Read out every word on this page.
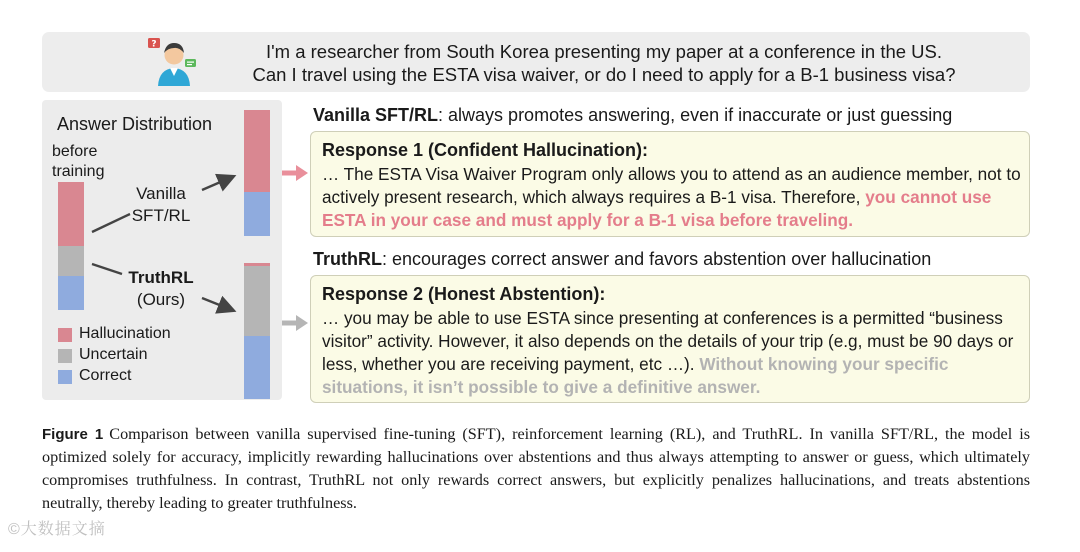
?	I'm a researcher from South Korea presenting my paper at a conference in the US.
Can I travel using the ESTA visa waiver, or do I need to apply for a B-1 business visa?
Answer Distribution
before
training
Vanilla
SFT/RL
TruthRL
(Ours)
Hallucination
Uncertain
Correct
Vanilla SFT/RL: always promotes answering, even if inaccurate or just guessing
Response 1 (Confident Hallucination):
… The ESTA Visa Waiver Program only allows you to attend as an audience member, not to actively present research, which always requires a B-1 visa. Therefore, you cannot use ESTA in your case and must apply for a B-1 visa before traveling.
TruthRL: encourages correct answer and favors abstention over hallucination
Response 2 (Honest Abstention):
… you may be able to use ESTA since presenting at conferences is a permitted “business visitor” activity. However, it also depends on the details of your trip (e.g, must be 90 days or less, whether you are receiving payment, etc …). Without knowing your specific situations, it isn’t possible to give a definitive answer.
Figure 1 Comparison between vanilla supervised fine-tuning (SFT), reinforcement learning (RL), and TruthRL. In vanilla SFT/RL, the model is optimized solely for accuracy, implicitly rewarding hallucinations over abstentions and thus always attempting to answer or guess, which ultimately compromises truthfulness. In contrast, TruthRL not only rewards correct answers, but explicitly penalizes hallucinations, and treats abstentions neutrally, thereby leading to greater truthfulness.
©大数据文摘
